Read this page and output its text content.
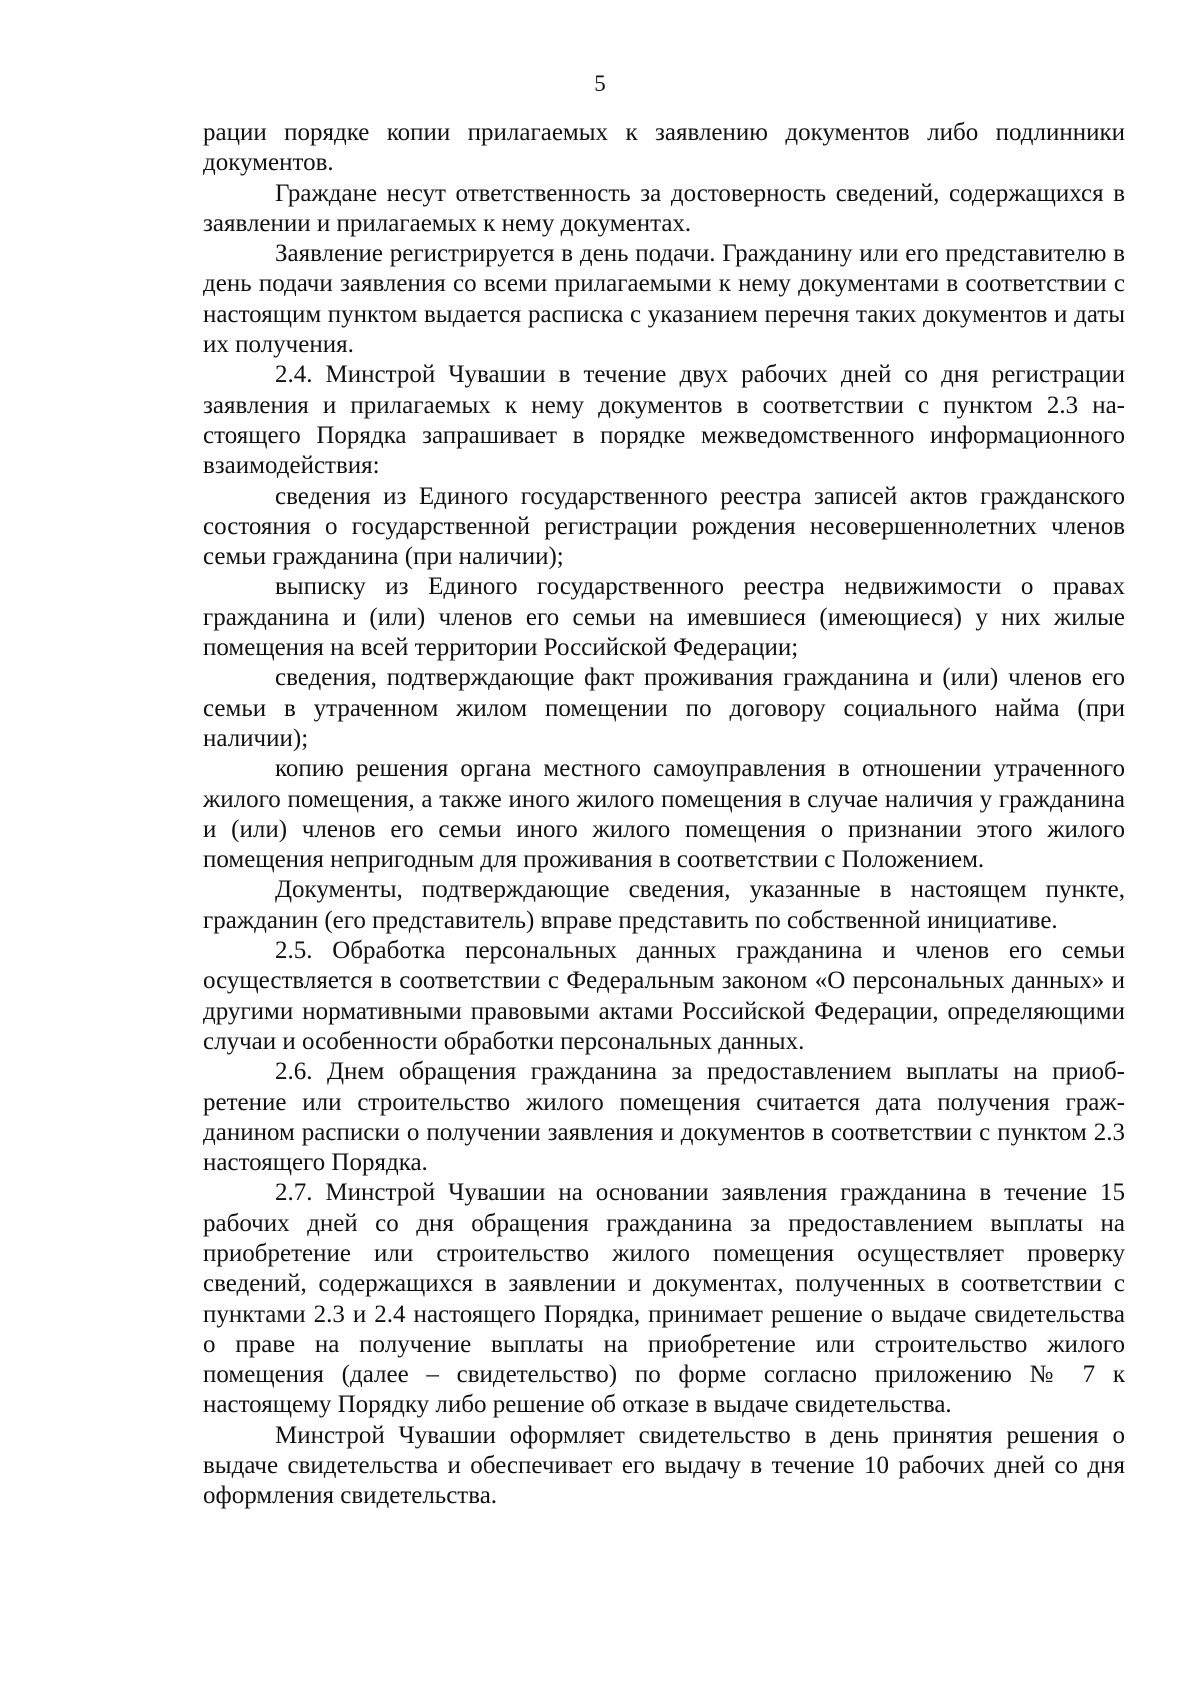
5

рации порядке копии прилагаемых к заявлению документов либо подлинники документов.

Граждане несут ответственность за достоверность сведений, содержащихся в заявлении и прилагаемых к нему документах.

Заявление регистрируется в день подачи. Гражданину или его представителю в день подачи заявления со всеми прилагаемыми к нему документами в соответствии с настоящим пунктом выдается расписка с указанием перечня таких документов и даты их получения.

2.4. Минстрой Чувашии в течение двух рабочих дней со дня регистрации заявления и прилагаемых к нему документов в соответствии с пунктом 2.3 настоящего Порядка запрашивает в порядке межведомственного информационного взаимодействия:

сведения из Единого государственного реестра записей актов гражданского состояния о государственной регистрации рождения несовершеннолетних членов семьи гражданина (при наличии);

выписку из Единого государственного реестра недвижимости о правах гражданина и (или) членов его семьи на имевшиеся (имеющиеся) у них жилые помещения на всей территории Российской Федерации;

сведения, подтверждающие факт проживания гражданина и (или) членов его семьи в утраченном жилом помещении по договору социального найма (при наличии);

копию решения органа местного самоуправления в отношении утраченного жилого помещения, а также иного жилого помещения в случае наличия у гражданина и (или) членов его семьи иного жилого помещения о признании этого жилого помещения непригодным для проживания в соответствии с Положением.

Документы, подтверждающие сведения, указанные в настоящем пункте, гражданин (его представитель) вправе представить по собственной инициативе.

2.5. Обработка персональных данных гражданина и членов его семьи осуществляется в соответствии с Федеральным законом «О персональных данных» и другими нормативными правовыми актами Российской Федерации, определяющими случаи и особенности обработки персональных данных.

2.6. Днем обращения гражданина за предоставлением выплаты на приобретение или строительство жилого помещения считается дата получения гражданином расписки о получении заявления и документов в соответствии с пунктом 2.3 настоящего Порядка.

2.7. Минстрой Чувашии на основании заявления гражданина в течение 15 рабочих дней со дня обращения гражданина за предоставлением выплаты на приобретение или строительство жилого помещения осуществляет проверку сведений, содержащихся в заявлении и документах, полученных в соответствии с пунктами 2.3 и 2.4 настоящего Порядка, принимает решение о выдаче свидетельства о праве на получение выплаты на приобретение или строительство жилого помещения (далее – свидетельство) по форме согласно приложению № 7 к настоящему Порядку либо решение об отказе в выдаче свидетельства.

Минстрой Чувашии оформляет свидетельство в день принятия решения о выдаче свидетельства и обеспечивает его выдачу в течение 10 рабочих дней со дня оформления свидетельства.
